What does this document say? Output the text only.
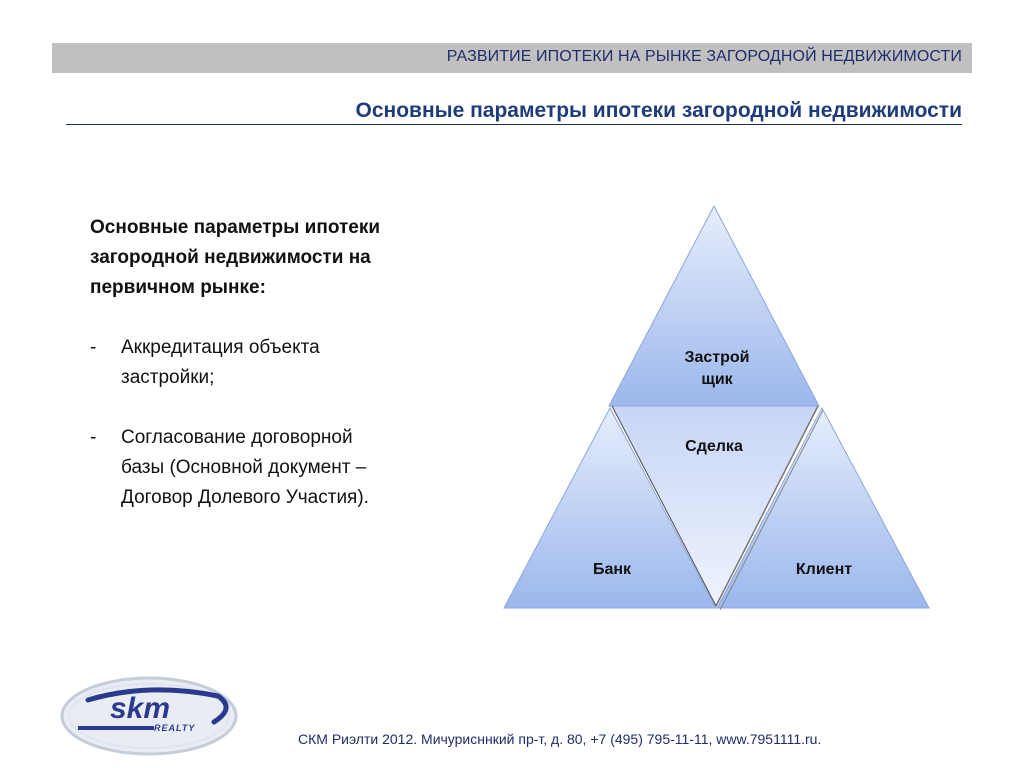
РАЗВИТИЕ ИПОТЕКИ НА РЫНКЕ ЗАГОРОДНОЙ НЕДВИЖИМОСТИ
Основные параметры ипотеки загородной недвижимости
Основные параметры ипотеки
загородной недвижимости на
первичном рынке:
-	Аккредитация объекта
застройки;
-	Согласование договорной
базы (Основной документ –
Договор Долевого Участия).
Застрой
щик
Сделка
Банк	Клиент
skm
REALTY
СКМ Риэлти 2012. Мичурисннкий пр-т, д. 80, +7 (495) 795-11-11, www.7951111.ru.
